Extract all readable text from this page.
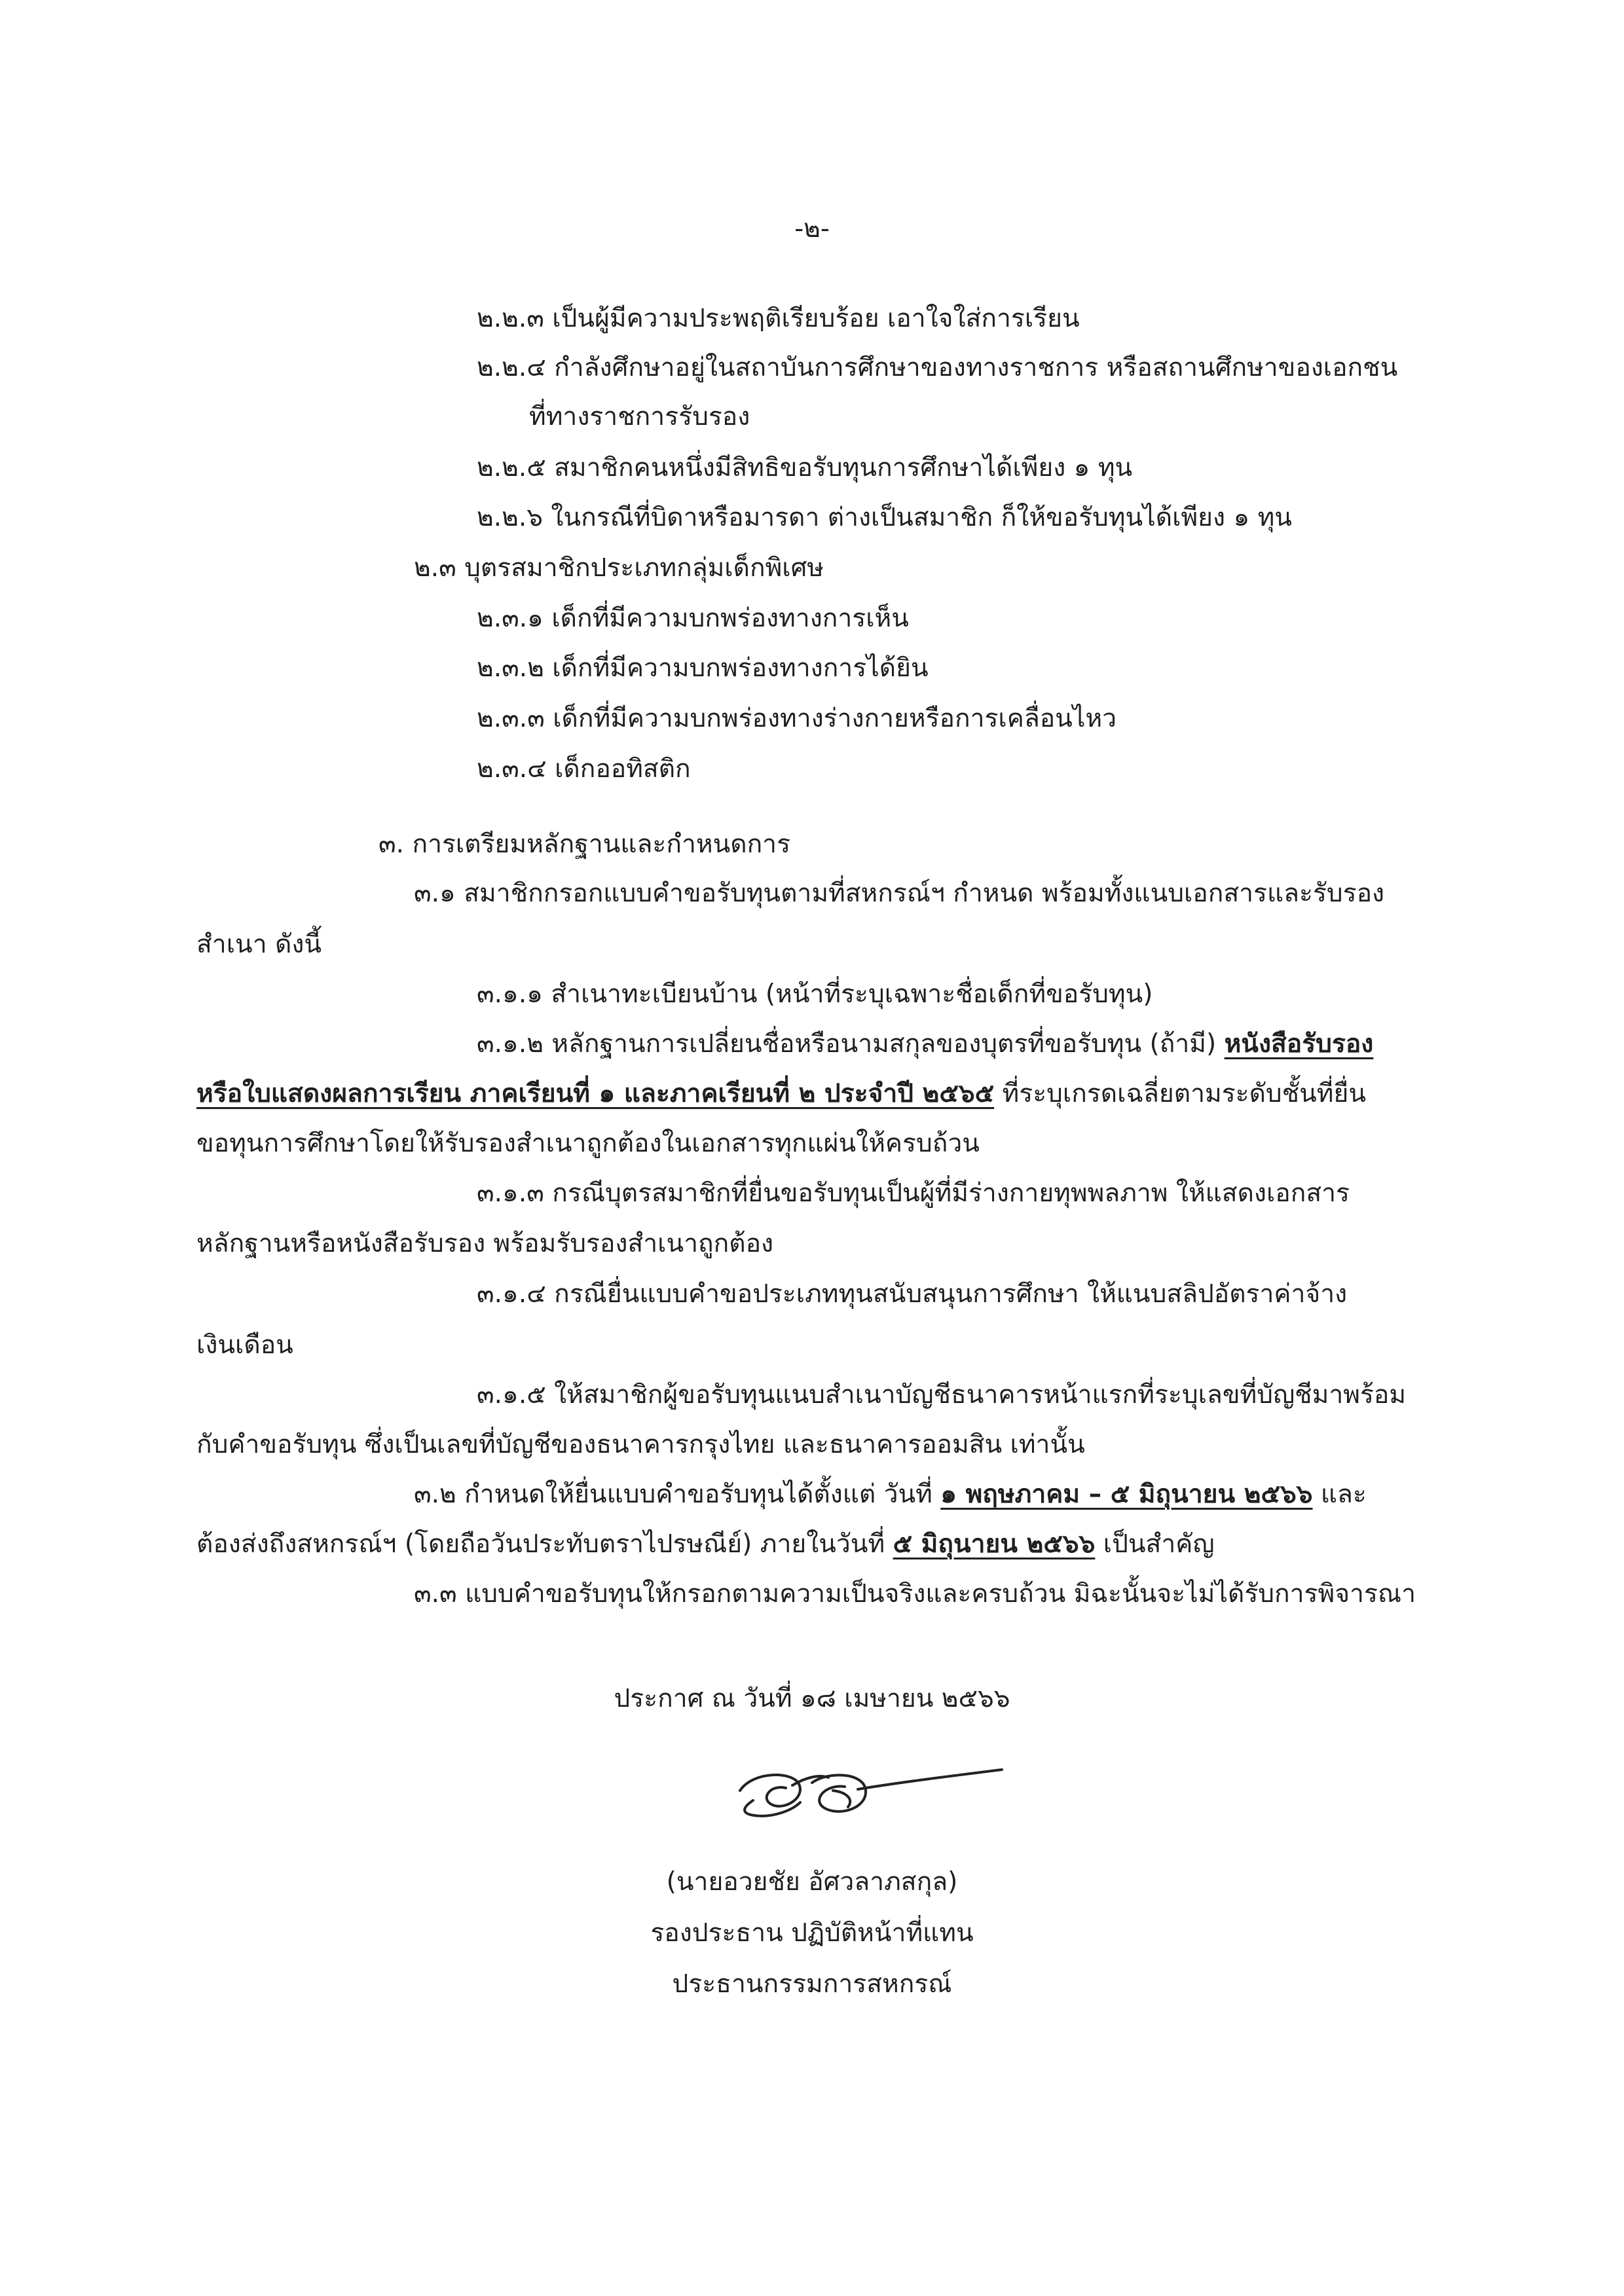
-๒-

๒.๒.๓ เป็นผู้มีความประพฤติเรียบร้อย เอาใจใส่การเรียน

๒.๒.๔ กำลังศึกษาอยู่ในสถาบันการศึกษาของทางราชการ หรือสถานศึกษาของเอกชน

ที่ทางราชการรับรอง

๒.๒.๕ สมาชิกคนหนึ่งมีสิทธิขอรับทุนการศึกษาได้เพียง ๑ ทุน

๒.๒.๖ ในกรณีที่บิดาหรือมารดา ต่างเป็นสมาชิก ก็ให้ขอรับทุนได้เพียง ๑ ทุน

๒.๓ บุตรสมาชิกประเภทกลุ่มเด็กพิเศษ

๒.๓.๑ เด็กที่มีความบกพร่องทางการเห็น

๒.๓.๒ เด็กที่มีความบกพร่องทางการได้ยิน

๒.๓.๓ เด็กที่มีความบกพร่องทางร่างกายหรือการเคลื่อนไหว

๒.๓.๔ เด็กออทิสติก

๓. การเตรียมหลักฐานและกำหนดการ

๓.๑ สมาชิกกรอกแบบคำขอรับทุนตามที่สหกรณ์ฯ กำหนด พร้อมทั้งแนบเอกสารและรับรอง

สำเนา ดังนี้

๓.๑.๑ สำเนาทะเบียนบ้าน (หน้าที่ระบุเฉพาะชื่อเด็กที่ขอรับทุน)

๓.๑.๒ หลักฐานการเปลี่ยนชื่อหรือนามสกุลของบุตรที่ขอรับทุน (ถ้ามี) หนังสือรับรอง

หรือใบแสดงผลการเรียน ภาคเรียนที่ ๑ และภาคเรียนที่ ๒ ประจำปี ๒๕๖๕ ที่ระบุเกรดเฉลี่ยตามระดับชั้นที่ยื่น

ขอทุนการศึกษาโดยให้รับรองสำเนาถูกต้องในเอกสารทุกแผ่นให้ครบถ้วน

๓.๑.๓ กรณีบุตรสมาชิกที่ยื่นขอรับทุนเป็นผู้ที่มีร่างกายทุพพลภาพ ให้แสดงเอกสาร

หลักฐานหรือหนังสือรับรอง พร้อมรับรองสำเนาถูกต้อง

๓.๑.๔ กรณียื่นแบบคำขอประเภททุนสนับสนุนการศึกษา ให้แนบสลิปอัตราค่าจ้าง

เงินเดือน

๓.๑.๕ ให้สมาชิกผู้ขอรับทุนแนบสำเนาบัญชีธนาคารหน้าแรกที่ระบุเลขที่บัญชีมาพร้อม

กับคำขอรับทุน ซึ่งเป็นเลขที่บัญชีของธนาคารกรุงไทย และธนาคารออมสิน เท่านั้น

๓.๒ กำหนดให้ยื่นแบบคำขอรับทุนได้ตั้งแต่ วันที่ ๑ พฤษภาคม – ๕ มิถุนายน ๒๕๖๖ และ

ต้องส่งถึงสหกรณ์ฯ (โดยถือวันประทับตราไปรษณีย์) ภายในวันที่ ๕ มิถุนายน ๒๕๖๖ เป็นสำคัญ

๓.๓ แบบคำขอรับทุนให้กรอกตามความเป็นจริงและครบถ้วน มิฉะนั้นจะไม่ได้รับการพิจารณา

ประกาศ ณ วันที่ ๑๘ เมษายน ๒๕๖๖
(นายอวยชัย อัศวลาภสกุล)
รองประธาน ปฏิบัติหน้าที่แทน
ประธานกรรมการสหกรณ์
